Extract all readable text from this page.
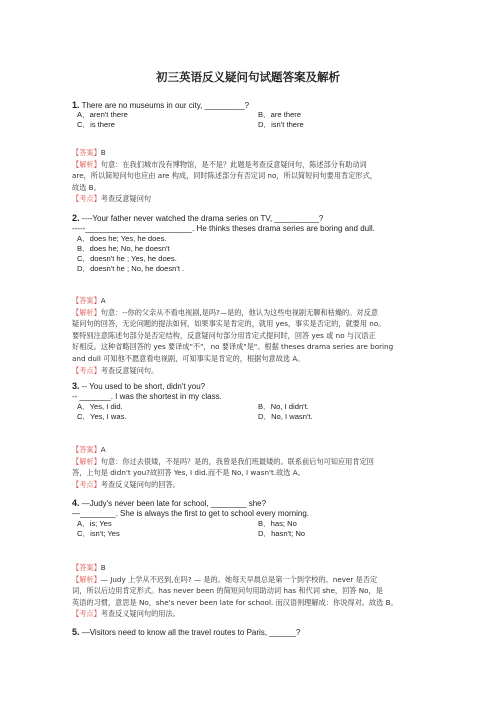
初三英语反义疑问句试题答案及解析
1. There are no museums in our city, _________?
A．aren't there	B．are there
C．is there	D．isn't there
【答案】B
【解析】句意：在我们城市没有博物馆，是不是？此题是考查反意疑问句，陈述部分有助动词
are，所以简短问句也应由 are 构成，同时陈述部分有否定词 no，所以简短问句要用肯定形式，
故选 B。
【考点】考查反意疑问句
2. ----Your father never watched the drama series on TV, __________?
-----________________________. He thinks theses drama series are boring and dull.
A．does he; Yes, he does.
B．does he; No, he doesn't
C．doesn't he ; Yes, he does.
D．doesn't he ; No, he doesn't .
【答案】A
【解析】句意：--你的父亲从不看电视剧,是吗?—是的，他认为这些电视剧无聊和枯燥的。对反意
疑问句的回答，无论问题的提法如何，如果事实是肯定的，就用 yes，事实是否定的，就要用 no。
要特别注意陈述句部分是否定结构，反意疑问句部分用肯定式提问时，回答 yes 或 no 与汉语正
好相反。这种省略回答的 yes 要译成"不"，no 要译成"是"。根据 theses drama series are boring
and dull 可知他不愿意看电视剧，可知事实是肯定的，根据句意故选 A。
【考点】考查反意疑问句。
3. -- You used to be short, didn't you?
-- _______. I was the shortest in my class.
A．Yes, I did.	B．No, I didn't.
C．Yes, I was.	D．No, I wasn't.
【答案】A
【解析】句意：你过去很矮，不是吗？是的，我曾是我们班最矮的。联系前后句可知应用肯定回
答，上句是 didn't you?故回答 Yes, I did.而不是 No, I wasn't.故选 A。
【考点】考查反义疑问句的回答。
4. —Judy's never been late for school, ________ she?
—________. She is always the first to get to school every morning.
A．is; Yes	B．has; No
C．isn't; Yes	D．hasn't; No
【答案】B
【解析】— Judy 上学从不迟到,在吗? — 是的。她每天早晨总是第一个到学校的。never 是否定
词，所以后边用肯定形式。has never been 的简短问句用助动词 has 和代词 she，回答 No，是
英语的习惯，意思是 No，she's never been late for school. 而汉语则理解成：你说得对。故选 B。
【考点】考查反义疑问句的用法。
5. —Visitors need to know all the travel routes to Paris, ______?
